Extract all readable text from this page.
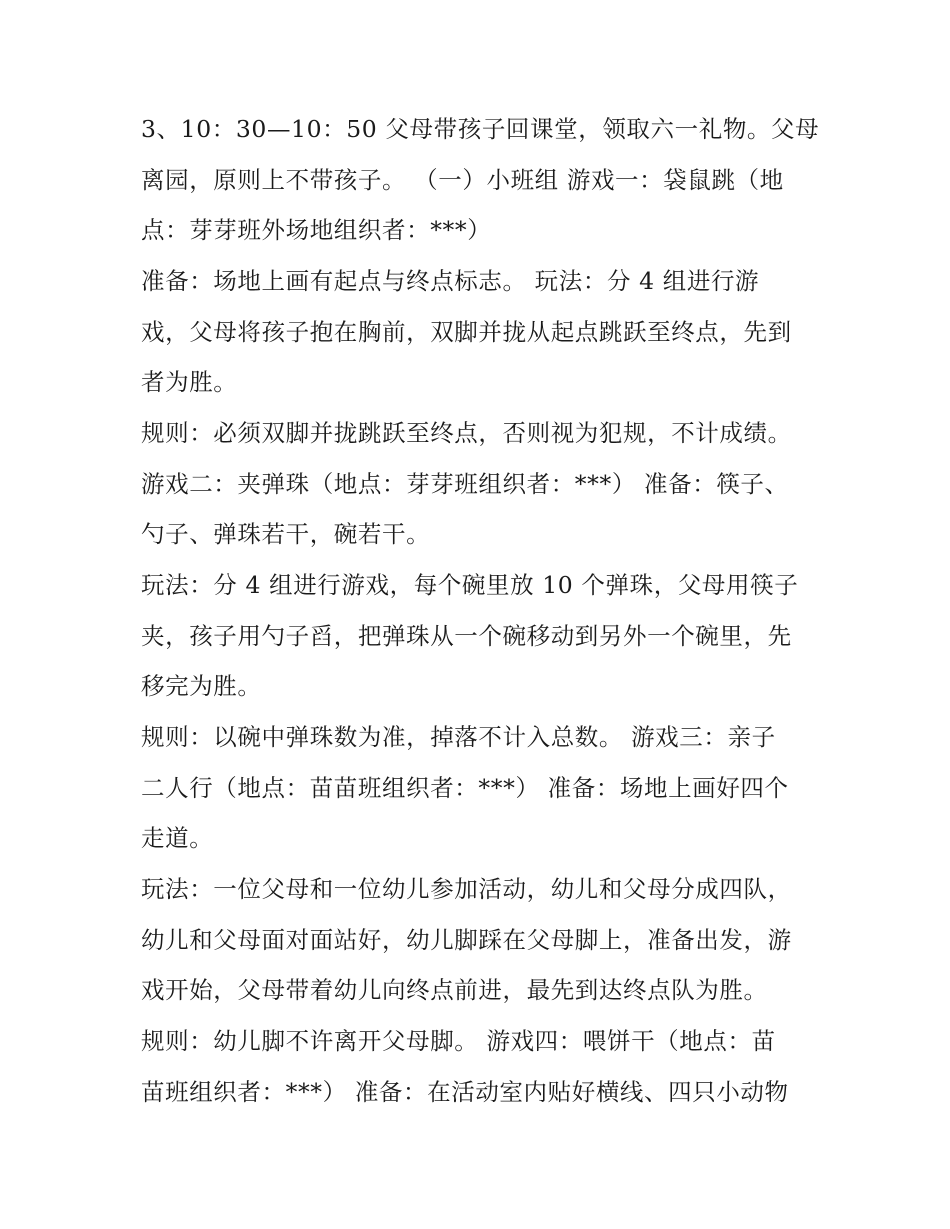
3、10：30—10：50 父母带孩子回课堂，领取六一礼物。父母
离园，原则上不带孩子。 （一）小班组 游戏一：袋鼠跳（地
点：芽芽班外场地组织者：***）
准备：场地上画有起点与终点标志。 玩法：分 4 组进行游
戏，父母将孩子抱在胸前，双脚并拢从起点跳跃至终点，先到
者为胜。
规则：必须双脚并拢跳跃至终点，否则视为犯规，不计成绩。
游戏二：夹弹珠（地点：芽芽班组织者：***） 准备：筷子、
勺子、弹珠若干，碗若干。
玩法：分 4 组进行游戏，每个碗里放 10 个弹珠，父母用筷子
夹，孩子用勺子舀，把弹珠从一个碗移动到另外一个碗里，先
移完为胜。
规则：以碗中弹珠数为准，掉落不计入总数。 游戏三：亲子
二人行（地点：苗苗班组织者：***） 准备：场地上画好四个
走道。
玩法：一位父母和一位幼儿参加活动，幼儿和父母分成四队，
幼儿和父母面对面站好，幼儿脚踩在父母脚上，准备出发，游
戏开始，父母带着幼儿向终点前进，最先到达终点队为胜。
规则：幼儿脚不许离开父母脚。 游戏四：喂饼干（地点：苗
苗班组织者：***） 准备：在活动室内贴好横线、四只小动物
